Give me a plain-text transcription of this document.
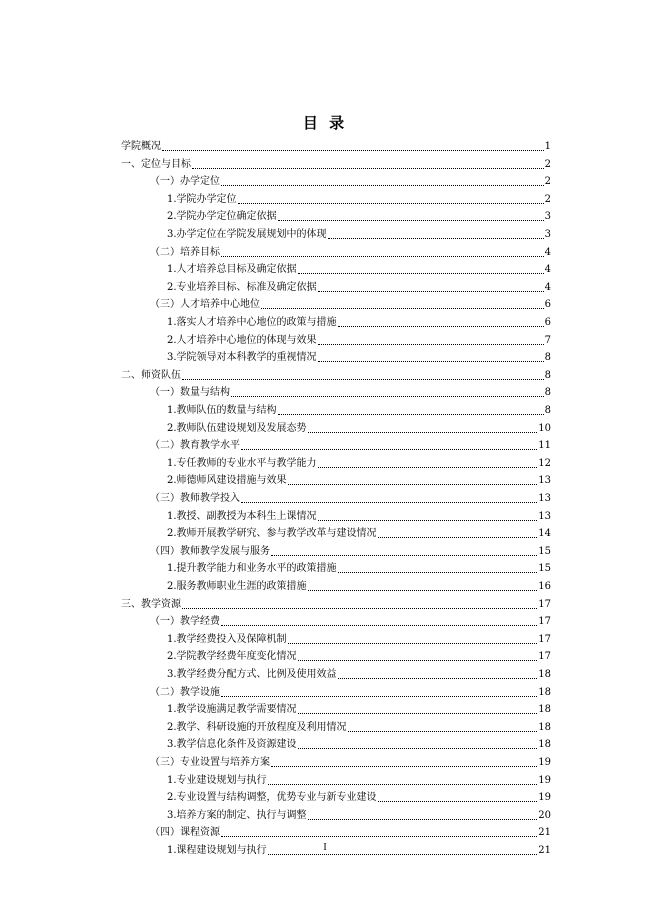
目 录
学院概况	1
一、定位与目标	2
（一）办学定位	2
1.学院办学定位	2
2.学院办学定位确定依据	3
3.办学定位在学院发展规划中的体现	3
（二）培养目标	4
1.人才培养总目标及确定依据	4
2.专业培养目标、标准及确定依据	4
（三）人才培养中心地位	6
1.落实人才培养中心地位的政策与措施	6
2.人才培养中心地位的体现与效果	7
3.学院领导对本科教学的重视情况	8
二、师资队伍	8
（一）数量与结构	8
1.教师队伍的数量与结构	8
2.教师队伍建设规划及发展态势	10
（二）教育教学水平	11
1.专任教师的专业水平与教学能力	12
2.师德师风建设措施与效果	13
（三）教师教学投入	13
1.教授、副教授为本科生上课情况	13
2.教师开展教学研究、参与教学改革与建设情况	14
（四）教师教学发展与服务	15
1.提升教学能力和业务水平的政策措施	15
2.服务教师职业生涯的政策措施	16
三、教学资源	17
（一）教学经费	17
1.教学经费投入及保障机制	17
2.学院教学经费年度变化情况	17
3.教学经费分配方式、比例及使用效益	18
（二）教学设施	18
1.教学设施满足教学需要情况	18
2.教学、科研设施的开放程度及利用情况	18
3.教学信息化条件及资源建设	18
（三）专业设置与培养方案	19
1.专业建设规划与执行	19
2.专业设置与结构调整，优势专业与新专业建设	19
3.培养方案的制定、执行与调整	20
（四）课程资源	21
1.课程建设规划与执行	21
I
